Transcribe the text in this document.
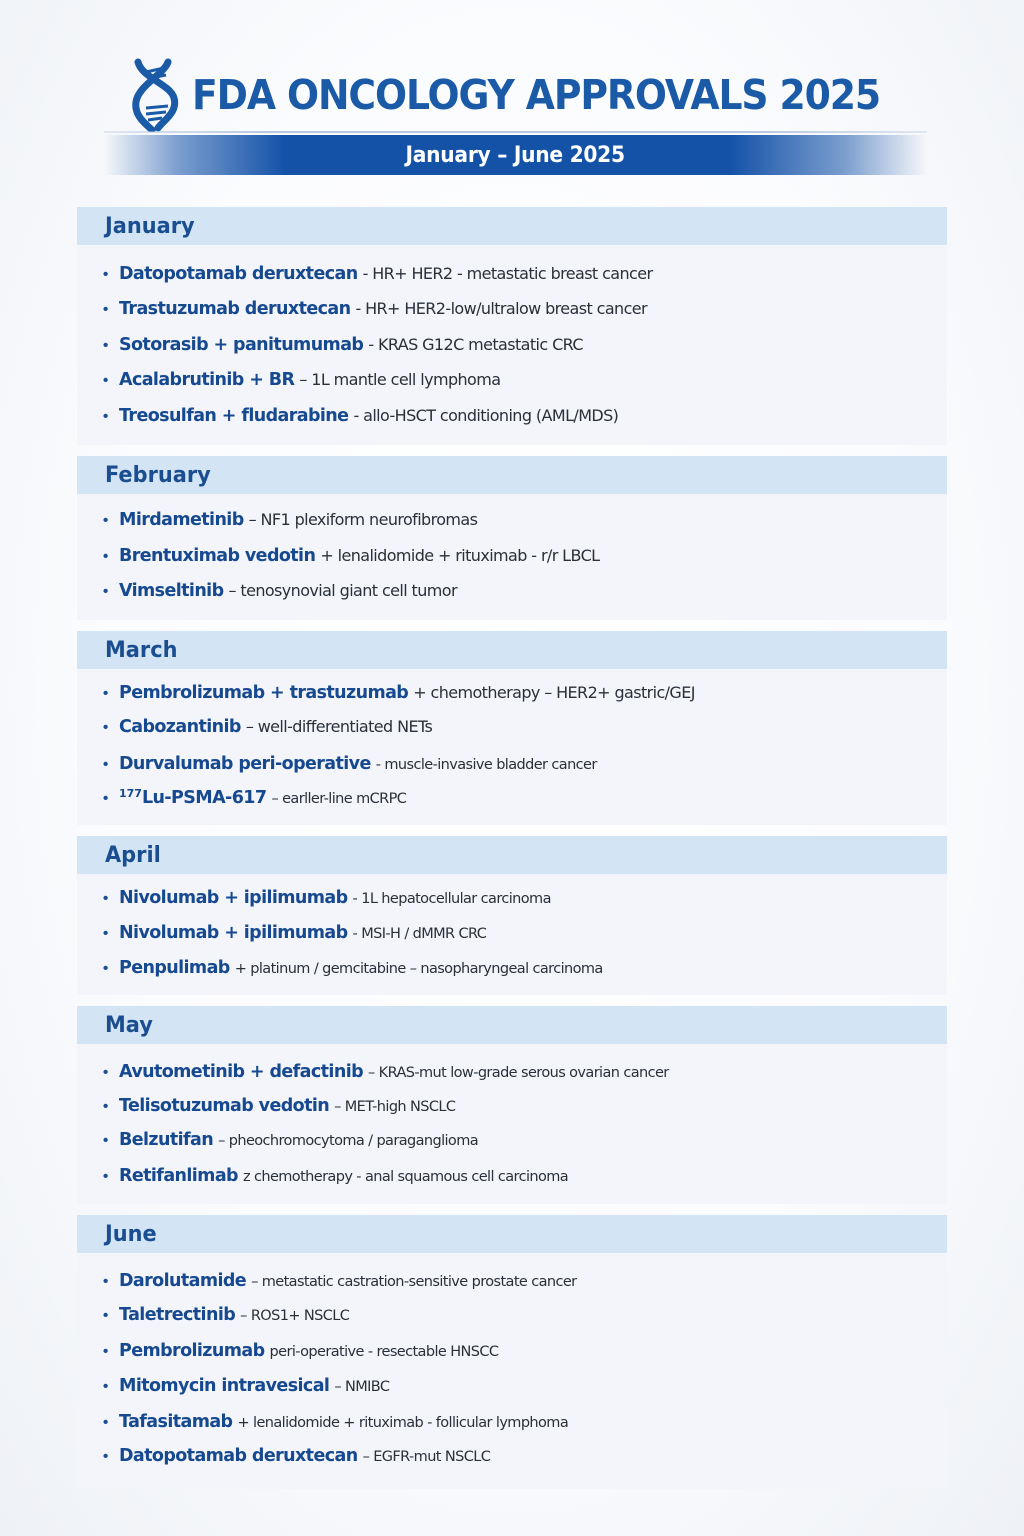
FDA ONCOLOGY APPROVALS 2025
January – June 2025
January
• Datopotamab deruxtecan - HR+ HER2 - metastatic breast cancer
• Trastuzumab deruxtecan - HR+ HER2-low/ultralow breast cancer
• Sotorasib + panitumumab - KRAS G12C metastatic CRC
• Acalabrutinib + BR – 1L mantle cell lymphoma
• Treosulfan + fludarabine - allo-HSCT conditioning (AML/MDS)
February
• Mirdametinib – NF1 plexiform neurofibromas
• Brentuximab vedotin + lenalidomide + rituximab - r/r LBCL
• Vimseltinib – tenosynovial giant cell tumor
March
• Pembrolizumab + trastuzumab + chemotherapy – HER2+ gastric/GEJ
• Cabozantinib – well-differentiated NETs
• Durvalumab peri-operative - muscle-invasive bladder cancer
• $^{177}$Lu-PSMA-617 – earller-line mCRPC
April
• Nivolumab + ipilimumab - 1L hepatocellular carcinoma
• Nivolumab + ipilimumab - MSI-H / dMMR CRC
• Penpulimab + platinum / gemcitabine – nasopharyngeal carcinoma
May
• Avutometinib + defactinib – KRAS-mut low-grade serous ovarian cancer
• Telisotuzumab vedotin – MET-high NSCLC
• Belzutifan – pheochromocytoma / paraganglioma
• Retifanlimab z chemotherapy - anal squamous cell carcinoma
June
• Darolutamide – metastatic castration-sensitive prostate cancer
• Taletrectinib – ROS1+ NSCLC
• Pembrolizumab peri-operative - resectable HNSCC
• Mitomycin intravesical – NMIBC
• Tafasitamab + lenalidomide + rituximab - follicular lymphoma
• Datopotamab deruxtecan – EGFR-mut NSCLC
